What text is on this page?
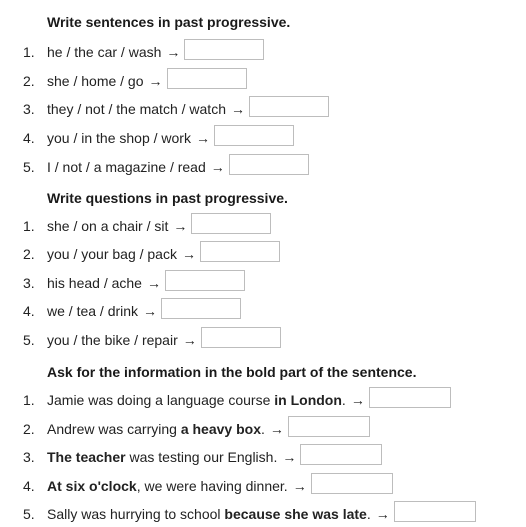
Write sentences in past progressive.
1. he / the car / wash →
2. she / home / go →
3. they / not / the match / watch →
4. you / in the shop / work →
5. I / not / a magazine / read →
Write questions in past progressive.
1. she / on a chair / sit →
2. you / your bag / pack →
3. his head / ache →
4. we / tea / drink →
5. you / the bike / repair →
Ask for the information in the bold part of the sentence.
1. Jamie was doing a language course in London . →
2. Andrew was carrying a heavy box . →
3. The teacher was testing our English. →
4. At six o'clock , we were having dinner. →
5. Sally was hurrying to school because she was late . →
